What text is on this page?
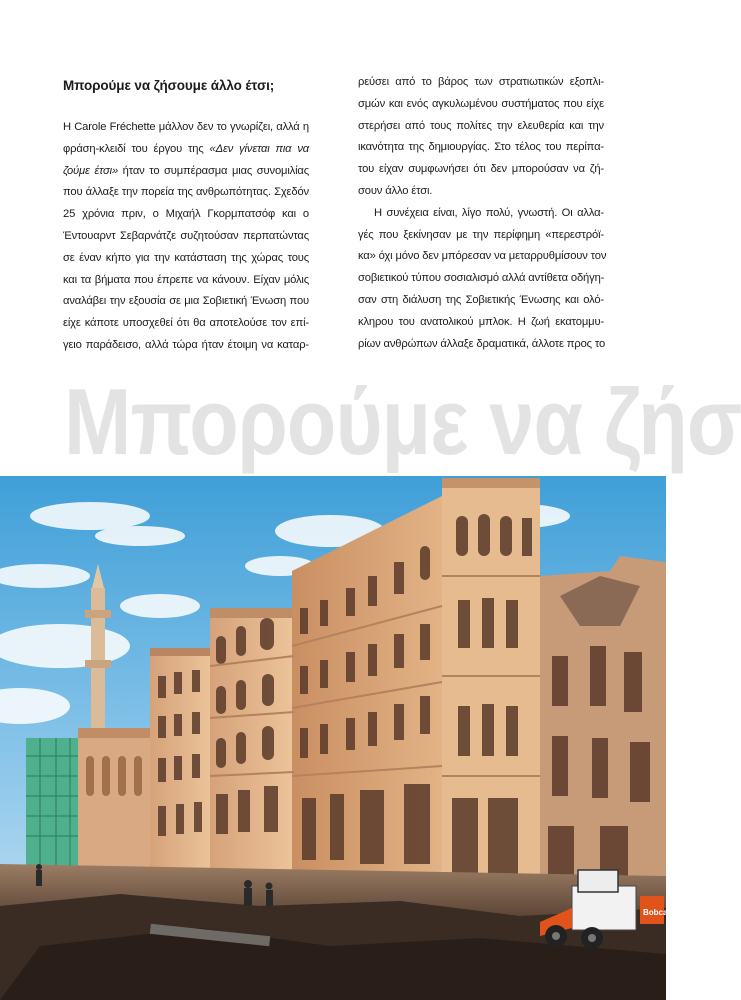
Μπορούμε να ζήσουμε άλλο έτσι;
Η Carole Fréchette μάλλον δεν το γνωρίζει, αλλά η
φράση-κλειδί του έργου της «Δεν γίνεται πια να
ζούμε έτσι» ήταν το συμπέρασμα μιας συνομιλίας
που άλλαξε την πορεία της ανθρωπότητας. Σχεδόν
25 χρόνια πριν, ο Μιχαήλ Γκορμπατσόφ και ο
Έντουαρντ Σεβαρνάτζε συζητούσαν περπατώντας
σε έναν κήπο για την κατάσταση της χώρας τους
και τα βήματα που έπρεπε να κάνουν. Είχαν μόλις
αναλάβει την εξουσία σε μια Σοβιετική Ένωση που
είχε κάποτε υποσχεθεί ότι θα αποτελούσε τον επί-
γειο παράδεισο, αλλά τώρα ήταν έτοιμη να καταρ-
ρεύσει από το βάρος των στρατιωτικών εξοπλι-
σμών και ενός αγκυλωμένου συστήματος που είχε
στερήσει από τους πολίτες την ελευθερία και την
ικανότητα της δημιουργίας. Στο τέλος του περίπα-
του είχαν συμφωνήσει ότι δεν μπορούσαν να ζή-
σουν άλλο έτσι.
Η συνέχεια είναι, λίγο πολύ, γνωστή. Οι αλλα-
γές που ξεκίνησαν με την περίφημη «περεστρόϊ-
κα» όχι μόνο δεν μπόρεσαν να μεταρρυθμίσουν τον
σοβιετικού τύπου σοσιαλισμό αλλά αντίθετα οδήγη-
σαν στη διάλυση της Σοβιετικής Ένωσης και ολό-
κληρου του ανατολικού μπλοκ. Η ζωή εκατομμυ-
ρίων ανθρώπων άλλαξε δραματικά, άλλοτε προς το
Μπορούμε να ζήσ
Bobcat
